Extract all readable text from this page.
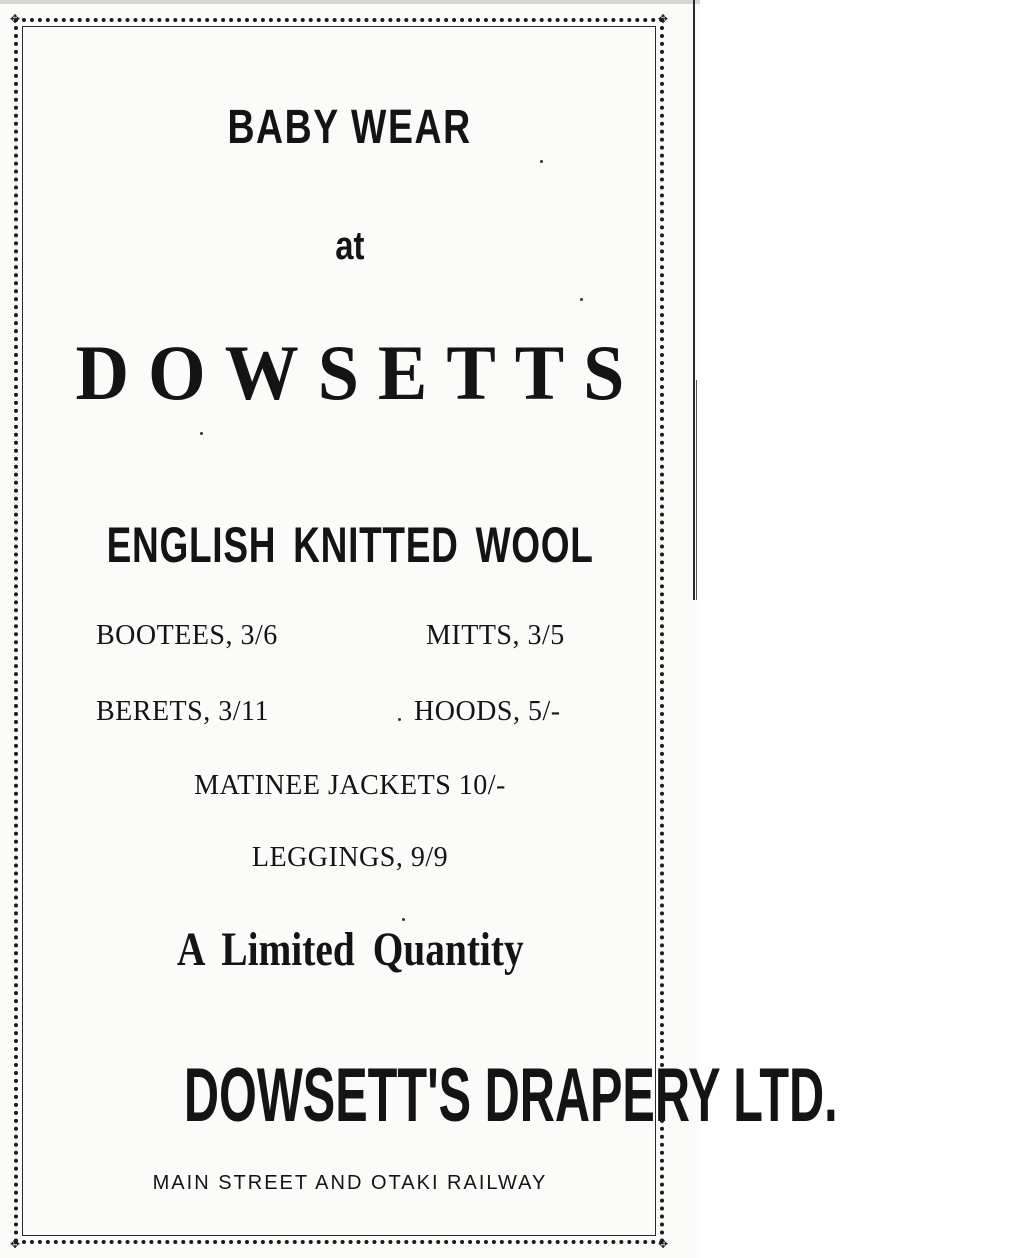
✥	✥
✥	✥
BABY WEAR
at
DOWSETTS
ENGLISH KNITTED WOOL
BOOTEES, 3/6	MITTS, 3/5
BERETS, 3/11	HOODS, 5/-
MATINEE JACKETS 10/-
LEGGINGS, 9/9
A Limited Quantity
DOWSETT'S DRAPERY LTD.
MAIN STREET AND OTAKI RAILWAY
